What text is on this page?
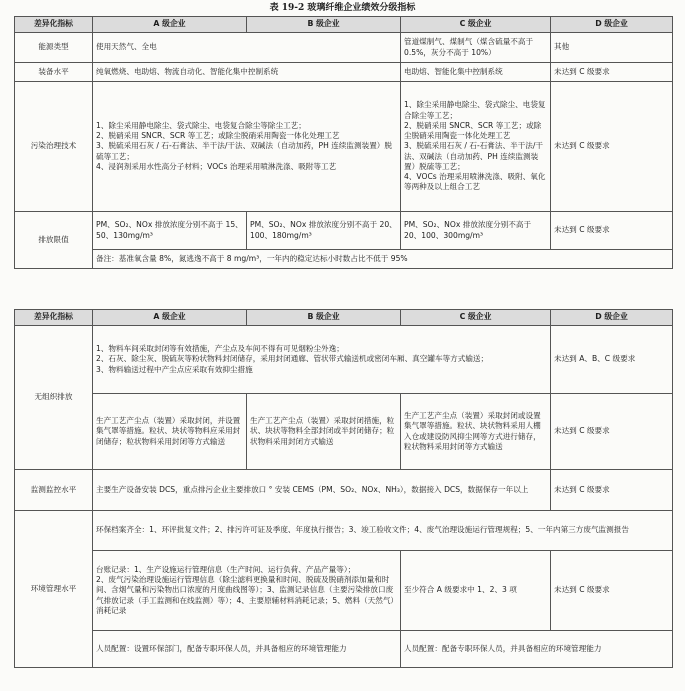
表 19-2 玻璃纤维企业绩效分级指标
差异化指标	A 级企业	B 级企业	C 级企业	D 级企业
能源类型	使用天然气、全电		管道煤制气、煤制气（煤含硫量不高于 0.5%，灰分不高于 10%）	其他
装备水平	纯氧燃烧、电助熔、物流自动化、智能化集中控制系统		电助熔、智能化集中控制系统	未达到 C 级要求
污染治理技术	1、除尘采用静电除尘、袋式除尘、电袋复合除尘等除尘工艺；
2、脱硝采用 SNCR、SCR 等工艺；或除尘脱硝采用陶瓷一体化处理工艺
3、脱硫采用石灰 / 石-石膏法、半干法/干法、双碱法（自动加药，PH 连续监测装置）脱硫等工艺；
4、浸润剂采用水性高分子材料；VOCs 治理采用喷淋洗涤、吸附等工艺		1、除尘采用静电除尘、袋式除尘、电袋复合除尘等工艺；
2、脱硝采用 SNCR、SCR 等工艺；或除尘脱硝采用陶瓷一体化处理工艺
3、脱硫采用石灰 / 石-石膏法、半干法/干法、双碱法（自动加药、PH 连续监测装置）脱硫等工艺；
4、VOCs 治理采用喷淋洗涤、吸附、氧化等两种及以上组合工艺	未达到 C 级要求
排放限值	PM、SO₂、NOx 排放浓度分别不高于 15、50、130mg/m³	PM、SO₂、NOx 排放浓度分别不高于 20、100、180mg/m³	PM、SO₂、NOx 排放浓度分别不高于 20、100、300mg/m³	未达到 C 级要求
	备注：基准氧含量 8%，氮逃逸不高于 8 mg/m³，一年内的稳定达标小时数占比不低于 95%			
差异化指标	A 级企业	B 级企业	C 级企业	D 级企业
无组织排放	1、物料车间采取封闭等有效措施，产尘点及车间不得有可见烟粉尘外逸；
2、石灰、除尘灰、脱硫灰等粉状物料封闭储存，采用封闭通廊、管状带式输送机或密闭车厢、真空罐车等方式输送；
3、物料输送过程中产尘点应采取有效抑尘措施			未达到 A、B、C 级要求
	生产工艺产尘点（装置）采取封闭，并设置集气罩等措施。粒状、块状等物料应采用封闭储存；粒状物料采用封闭等方式输送	生产工艺产尘点（装置）采取封闭措施，粒状、块状等物料全部封闭或半封闭储存；粒状物料采用封闭方式输送	生产工艺产尘点（装置）采取封闭或设置集气罩等措施。粒状、块状物料采用人棚入仓或建设防风抑尘网等方式进行储存，粒状物料采用封闭等方式输送	未达到 C 级要求
监测监控水平	主要生产设备安装 DCS，重点排污企业主要排放口 ° 安装 CEMS（PM、SO₂、NOx、NH₃），数据接入 DCS，数据保存一年以上			未达到 C 级要求
环境管理水平	环保档案齐全：1、环评批复文件；2、排污许可证及季度、年度执行报告；3、竣工验收文件；4、废气治理设施运行管理规程；5、一年内第三方废气监测报告			
	台账记录：1、生产设施运行管理信息（生产时间、运行负荷、产品产量等）；
2、废气污染治理设施运行管理信息（除尘滤料更换量和时间、脱硫及脱硝剂添加量和时间、含烟气量和污染物出口浓度的月度曲线图等）；3、监测记录信息（主要污染排放口废气排放记录（手工监测和在线监测）等）；4、主要原辅材料消耗记录；5、燃料（天然气）消耗记录		至少符合 A 级要求中 1、2、3 项	未达到 C 级要求
	人员配置：设置环保部门，配备专职环保人员，并具备相应的环境管理能力		人员配置：配备专职环保人员，并具备相应的环境管理能力	
